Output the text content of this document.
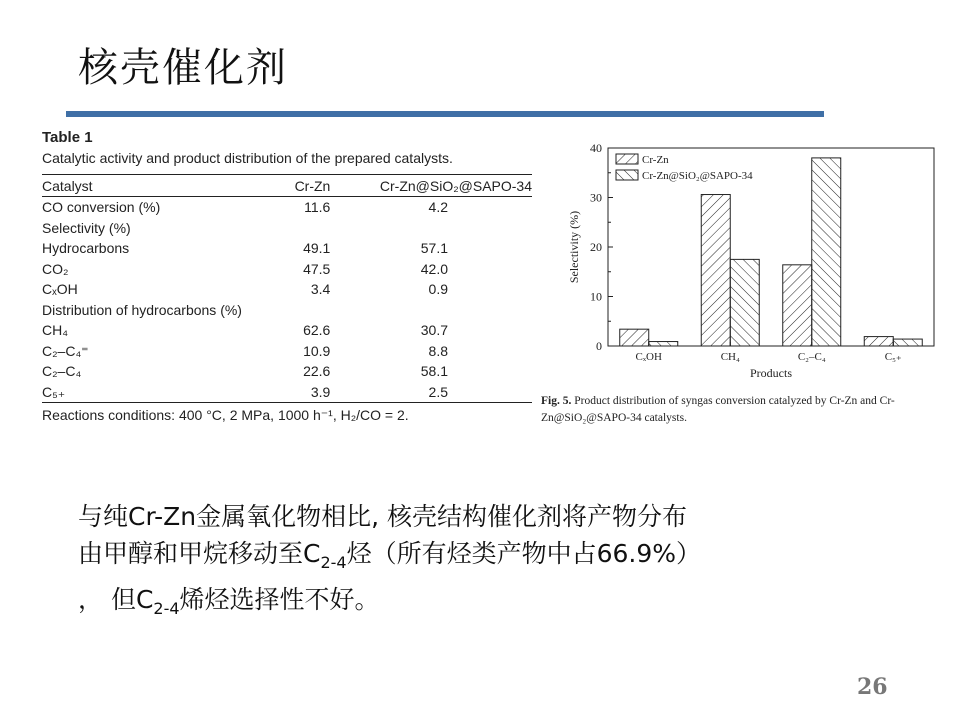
核壳催化剂
Table 1
Catalytic activity and product distribution of the prepared catalysts.
Catalyst	Cr-Zn	Cr-Zn@SiO₂@SAPO-34
CO conversion (%)	11.6	4.2
Selectivity (%)		
Hydrocarbons	49.1	57.1
CO₂	47.5	42.0
CₓOH	3.4	0.9
Distribution of hydrocarbons (%)		
CH₄	62.6	30.7
C₂–C₄⁼	10.9	8.8
C₂–C₄	22.6	58.1
C₅₊	3.9	2.5
Reactions conditions: 400 °C, 2 MPa, 1000 h⁻¹, H₂/CO = 2.
0
10
20
30
40
CₓOH	CH₄	C₂–C₄	C₅₊
Products
Selectivity (%)
Cr-Zn
Cr-Zn@SiO₂@SAPO-34
Fig. 5. Product distribution of syngas conversion catalyzed by Cr-Zn and Cr-Zn@SiO₂@SAPO-34 catalysts.
与纯Cr-Zn金属氧化物相比, 核壳结构催化剂将产物分布
由甲醇和甲烷移动至$C_{2-4}$烃（所有烃类产物中占66.9%）
， 但$C_{2-4}$烯烃选择性不好。
26
